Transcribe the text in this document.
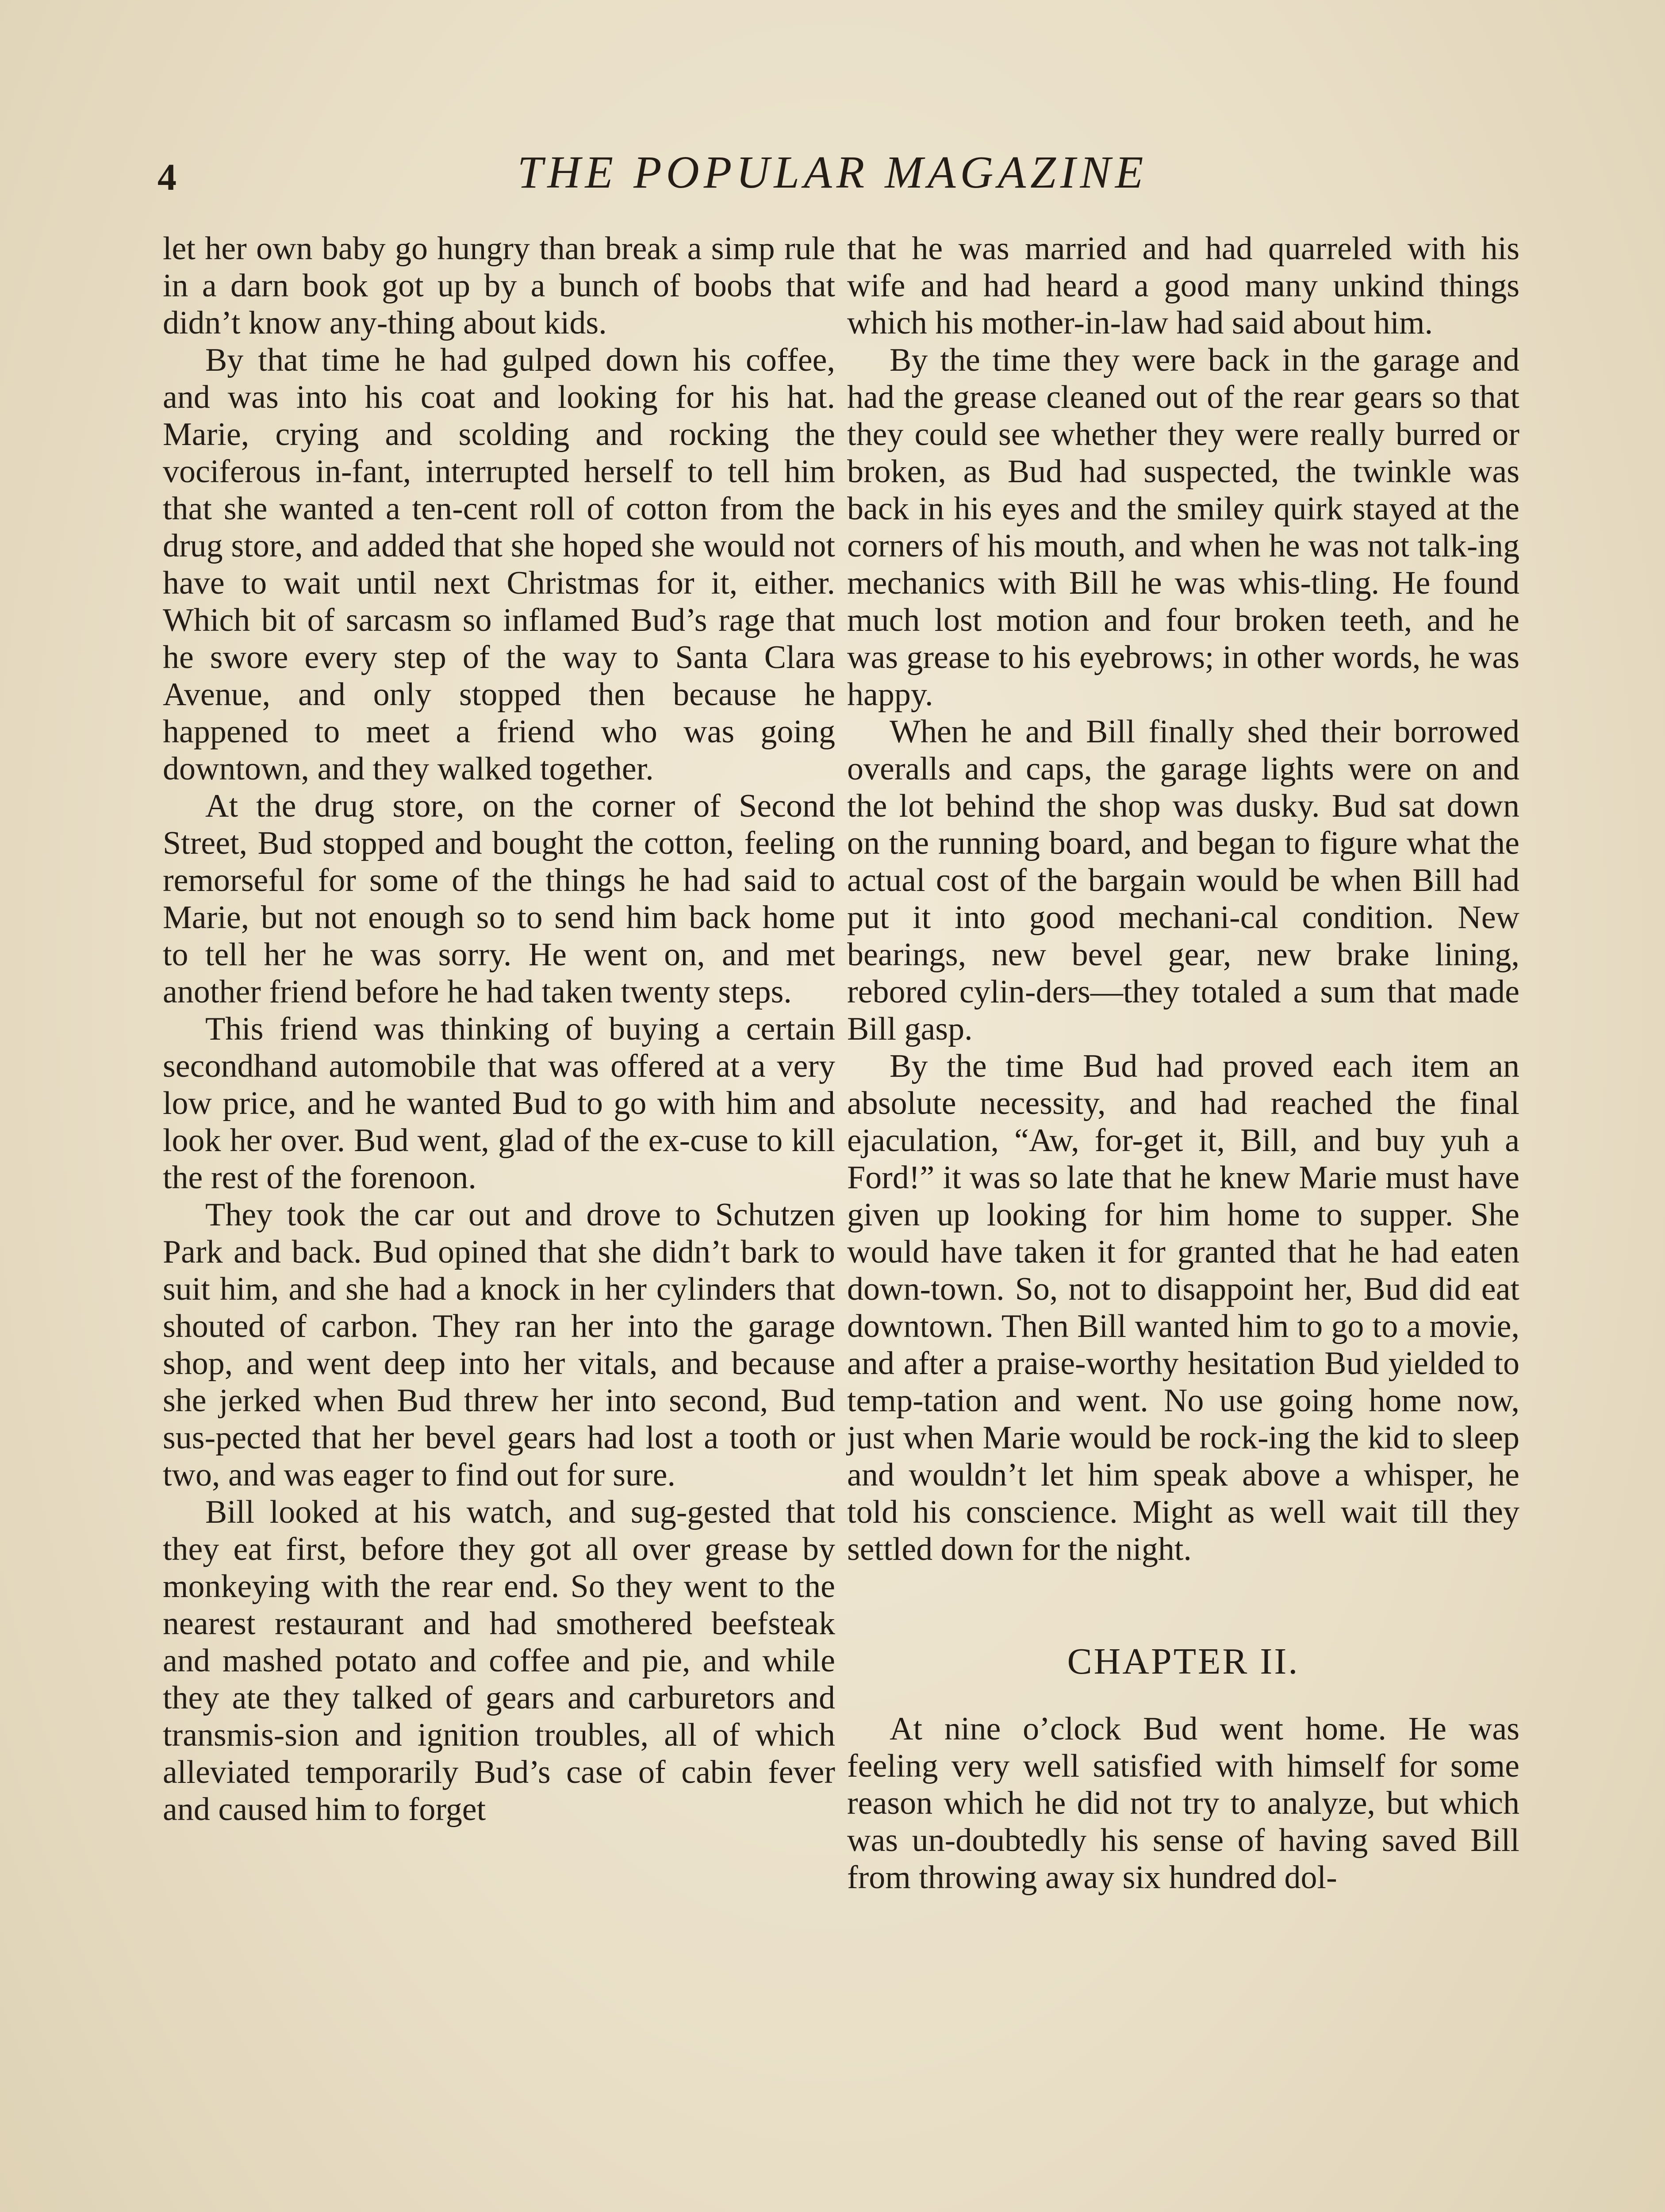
4	THE POPULAR MAGAZINE

let her own baby go hungry than break a simp rule in a darn book got up by a bunch of boobs that didn’t know any-thing about kids.

By that time he had gulped down his coffee, and was into his coat and looking for his hat. Marie, crying and scolding and rocking the vociferous in-fant, interrupted herself to tell him that she wanted a ten-cent roll of cotton from the drug store, and added that she hoped she would not have to wait until next Christmas for it, either. Which bit of sarcasm so inflamed Bud’s rage that he swore every step of the way to Santa Clara Avenue, and only stopped then because he happened to meet a friend who was going downtown, and they walked together.

At the drug store, on the corner of Second Street, Bud stopped and bought the cotton, feeling remorseful for some of the things he had said to Marie, but not enough so to send him back home to tell her he was sorry. He went on, and met another friend before he had taken twenty steps.

This friend was thinking of buying a certain secondhand automobile that was offered at a very low price, and he wanted Bud to go with him and look her over. Bud went, glad of the ex-cuse to kill the rest of the forenoon.

They took the car out and drove to Schutzen Park and back. Bud opined that she didn’t bark to suit him, and she had a knock in her cylinders that shouted of carbon. They ran her into the garage shop, and went deep into her vitals, and because she jerked when Bud threw her into second, Bud sus-pected that her bevel gears had lost a tooth or two, and was eager to find out for sure.

Bill looked at his watch, and sug-gested that they eat first, before they got all over grease by monkeying with the rear end. So they went to the nearest restaurant and had smothered beefsteak and mashed potato and coffee and pie, and while they ate they talked of gears and carburetors and transmis-sion and ignition troubles, all of which alleviated temporarily Bud’s case of cabin fever and caused him to forget

that he was married and had quarreled with his wife and had heard a good many unkind things which his mother-in-law had said about him.

By the time they were back in the garage and had the grease cleaned out of the rear gears so that they could see whether they were really burred or broken, as Bud had suspected, the twinkle was back in his eyes and the smiley quirk stayed at the corners of his mouth, and when he was not talk-ing mechanics with Bill he was whis-tling. He found much lost motion and four broken teeth, and he was grease to his eyebrows; in other words, he was happy.

When he and Bill finally shed their borrowed overalls and caps, the garage lights were on and the lot behind the shop was dusky. Bud sat down on the running board, and began to figure what the actual cost of the bargain would be when Bill had put it into good mechani-cal condition. New bearings, new bevel gear, new brake lining, rebored cylin-ders—they totaled a sum that made Bill gasp.

By the time Bud had proved each item an absolute necessity, and had reached the final ejaculation, “Aw, for-get it, Bill, and buy yuh a Ford!” it was so late that he knew Marie must have given up looking for him home to supper. She would have taken it for granted that he had eaten down-town. So, not to disappoint her, Bud did eat downtown. Then Bill wanted him to go to a movie, and after a praise-worthy hesitation Bud yielded to temp-tation and went. No use going home now, just when Marie would be rock-ing the kid to sleep and wouldn’t let him speak above a whisper, he told his conscience. Might as well wait till they settled down for the night.

CHAPTER II.

At nine o’clock Bud went home. He was feeling very well satisfied with himself for some reason which he did not try to analyze, but which was un-doubtedly his sense of having saved Bill from throwing away six hundred dol-
